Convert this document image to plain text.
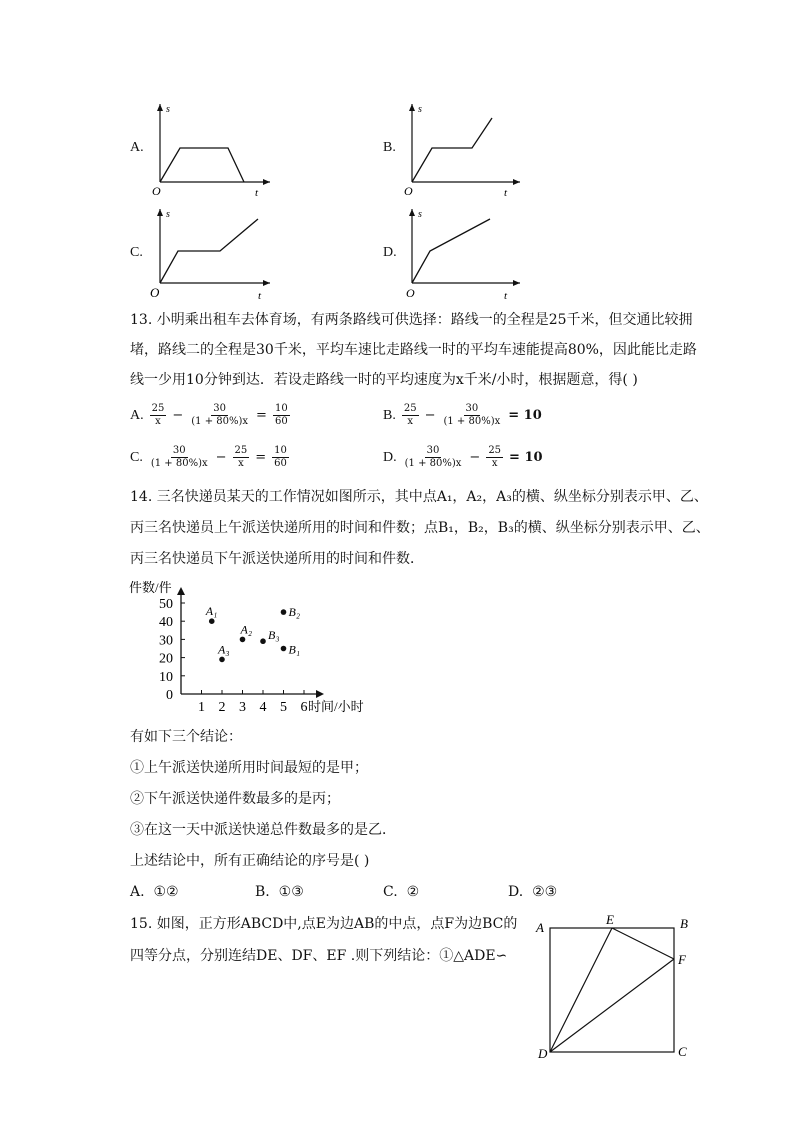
A.
s
t
O
B.
s
t
O
C.
s
t
O
D.
s
t
O
13. 小明乘出租车去体育场，有两条路线可供选择：路线一的全程是25千米，但交通比较拥
堵，路线二的全程是30千米，平均车速比走路线一时的平均车速能提高80%，因此能比走路
线一少用10分钟到达．若设走路线一时的平均速度为x千米/小时，根据题意，得( )
A. $\frac{25}{x} - \frac{30}{(1 + 80\%)x} = \frac{10}{60}$	B. $\frac{25}{x} - \frac{30}{(1 + 80\%)x} = 10$
C. $\frac{30}{(1 + 80\%)x} - \frac{25}{x} = \frac{10}{60}$	D. $\frac{30}{(1 + 80\%)x} - \frac{25}{x} = 10$
14. 三名快递员某天的工作情况如图所示，其中点A₁，A₂，A₃的横、纵坐标分别表示甲、乙、
丙三名快递员上午派送快递所用的时间和件数；点B₁，B₂，B₃的横、纵坐标分别表示甲、乙、
丙三名快递员下午派送快递所用的时间和件数．
件数/件
时间/小时
1 2 3 4 5 6
0
10
20
30
40
50	A₁
A₂
A₃	B₁
B₂
B₃
有如下三个结论：
①上午派送快递所用时间最短的是甲；
②下午派送快递件数最多的是丙；
③在这一天中派送快递总件数最多的是乙．
上述结论中，所有正确结论的序号是( )
A. ①②	B. ①③	C. ②	D. ②③
15. 如图，正方形ABCD中,点E为边AB的中点，点F为边BC的
四等分点，分别连结DE、DF、EF .则下列结论：①△ADE∽
A	B
C
D
E
F
